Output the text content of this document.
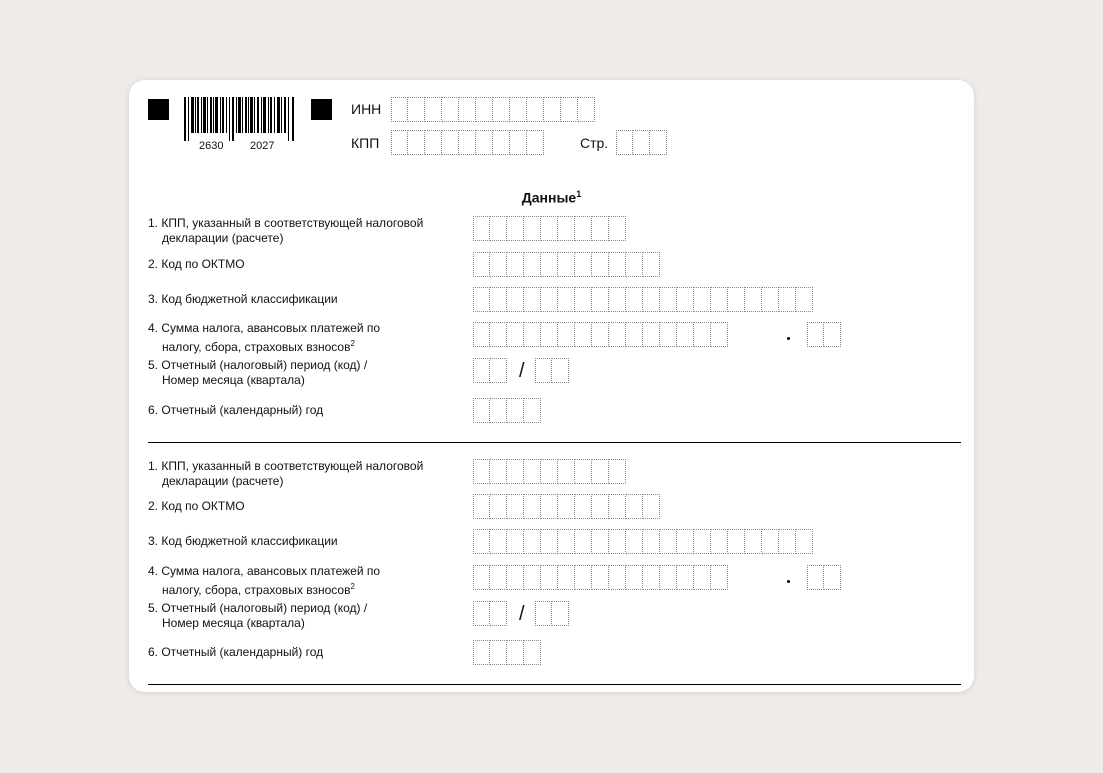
2630 2027
ИНН
КПП	Стр.
Данные$^1$
1. КПП, указанный в соответствующей налоговой
декларации (расчете)
2. Код по ОКТМО
3. Код бюджетной классификации
4. Сумма налога, авансовых платежей по
налогу, сбора, страховых взносов$^2$
5. Отчетный (налоговый) период (код) /
Номер месяца (квартала)	/
6. Отчетный (календарный) год
1. КПП, указанный в соответствующей налоговой
декларации (расчете)
2. Код по ОКТМО
3. Код бюджетной классификации
4. Сумма налога, авансовых платежей по
налогу, сбора, страховых взносов$^2$
5. Отчетный (налоговый) период (код) /
Номер месяца (квартала)	/
6. Отчетный (календарный) год
